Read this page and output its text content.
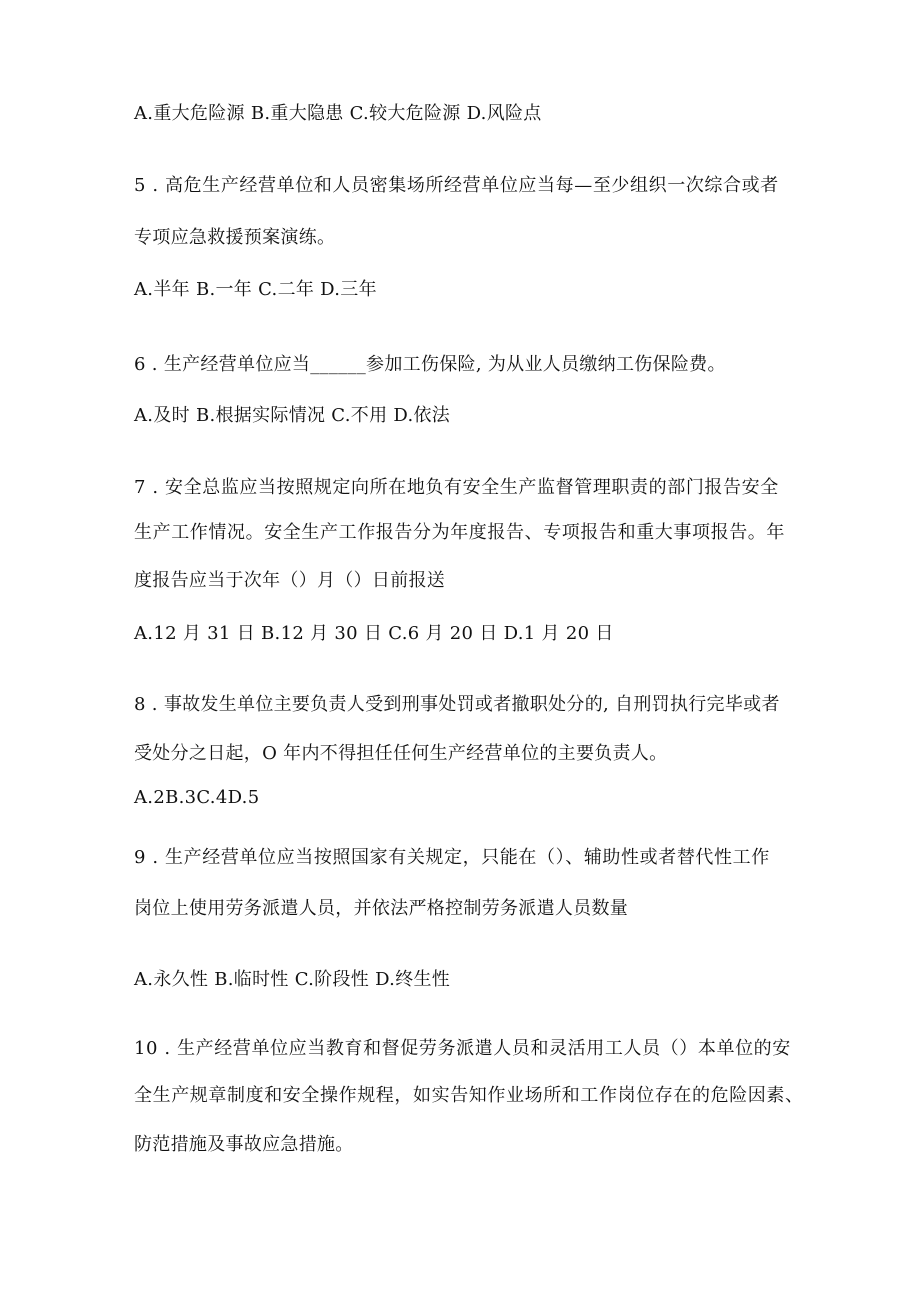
A.重大危险源 B.重大隐患 C.较大危险源 D.风险点
5 . 高危生产经营单位和人员密集场所经营单位应当每—至少组织一次综合或者
专项应急救援预案演练。
A.半年 B.一年 C.二年 D.三年
6 . 生产经营单位应当______参加工伤保险, 为从业人员缴纳工伤保险费。
A.及时 B.根据实际情况 C.不用 D.依法
7 . 安全总监应当按照规定向所在地负有安全生产监督管理职责的部门报告安全
生产工作情况。安全生产工作报告分为年度报告、专项报告和重大事项报告。年
度报告应当于次年（）月（）日前报送
A.12 月 31 日 B.12 月 30 日 C.6 月 20 日 D.1 月 20 日
8 . 事故发生单位主要负责人受到刑事处罚或者撤职处分的, 自刑罚执行完毕或者
受处分之日起，O 年内不得担任任何生产经营单位的主要负责人。
A.2B.3C.4D.5
9 . 生产经营单位应当按照国家有关规定，只能在（）、辅助性或者替代性工作
岗位上使用劳务派遣人员，并依法严格控制劳务派遣人员数量
A.永久性 B.临时性 C.阶段性 D.终生性
10 . 生产经营单位应当教育和督促劳务派遣人员和灵活用工人员（）本单位的安
全生产规章制度和安全操作规程，如实告知作业场所和工作岗位存在的危险因素、
防范措施及事故应急措施。
